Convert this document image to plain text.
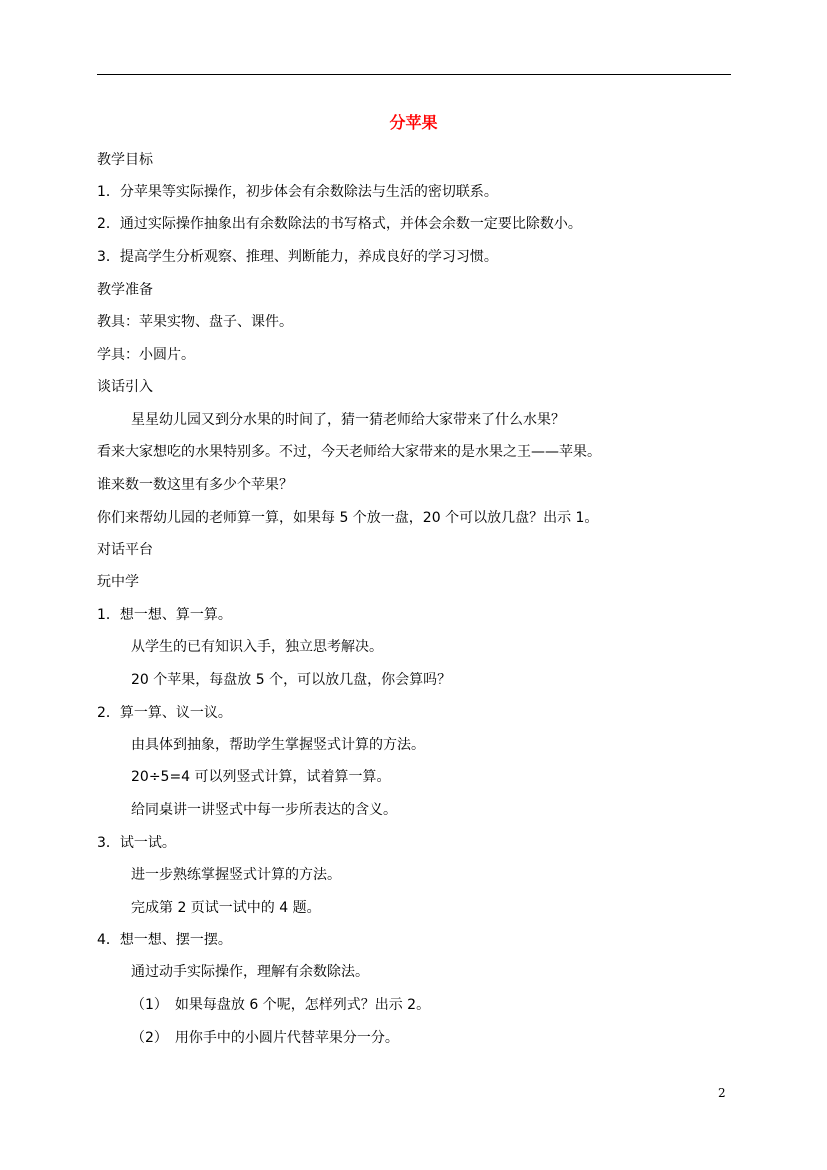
分苹果
教学目标
1．分苹果等实际操作，初步体会有余数除法与生活的密切联系。
2．通过实际操作抽象出有余数除法的书写格式，并体会余数一定要比除数小。
3．提高学生分析观察、推理、判断能力，养成良好的学习习惯。
教学准备
教具：苹果实物、盘子、课件。
学具：小圆片。
谈话引入
星星幼儿园又到分水果的时间了，猜一猜老师给大家带来了什么水果？
看来大家想吃的水果特别多。不过，今天老师给大家带来的是水果之王——苹果。
谁来数一数这里有多少个苹果？
你们来帮幼儿园的老师算一算，如果每 5 个放一盘，20 个可以放几盘？出示 1。
对话平台
玩中学
1．想一想、算一算。
从学生的已有知识入手，独立思考解决。
20 个苹果，每盘放 5 个，可以放几盘，你会算吗？
2．算一算、议一议。
由具体到抽象，帮助学生掌握竖式计算的方法。
20÷5=4 可以列竖式计算，试着算一算。
给同桌讲一讲竖式中每一步所表达的含义。
3．试一试。
进一步熟练掌握竖式计算的方法。
完成第 2 页试一试中的 4 题。
4．想一想、摆一摆。
通过动手实际操作，理解有余数除法。
（1）　如果每盘放 6 个呢，怎样列式？出示 2。
（2）　用你手中的小圆片代替苹果分一分。
2
